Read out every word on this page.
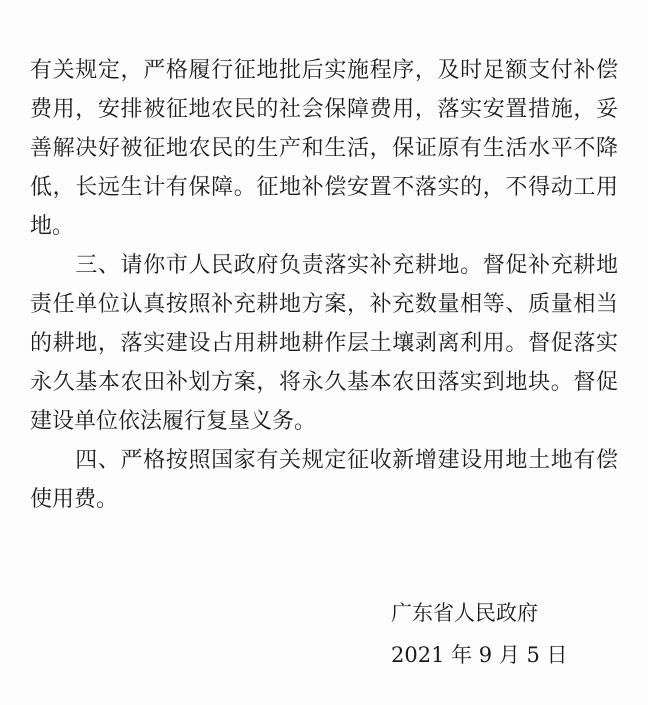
有关规定，严格履行征地批后实施程序，及时足额支付补偿
费用，安排被征地农民的社会保障费用，落实安置措施，妥
善解决好被征地农民的生产和生活，保证原有生活水平不降
低，长远生计有保障。征地补偿安置不落实的，不得动工用
地。
　　三、请你市人民政府负责落实补充耕地。督促补充耕地
责任单位认真按照补充耕地方案，补充数量相等、质量相当
的耕地，落实建设占用耕地耕作层土壤剥离利用。督促落实
永久基本农田补划方案，将永久基本农田落实到地块。督促
建设单位依法履行复垦义务。
　　四、严格按照国家有关规定征收新增建设用地土地有偿
使用费。
广东省人民政府
2021 年 9 月 5 日
